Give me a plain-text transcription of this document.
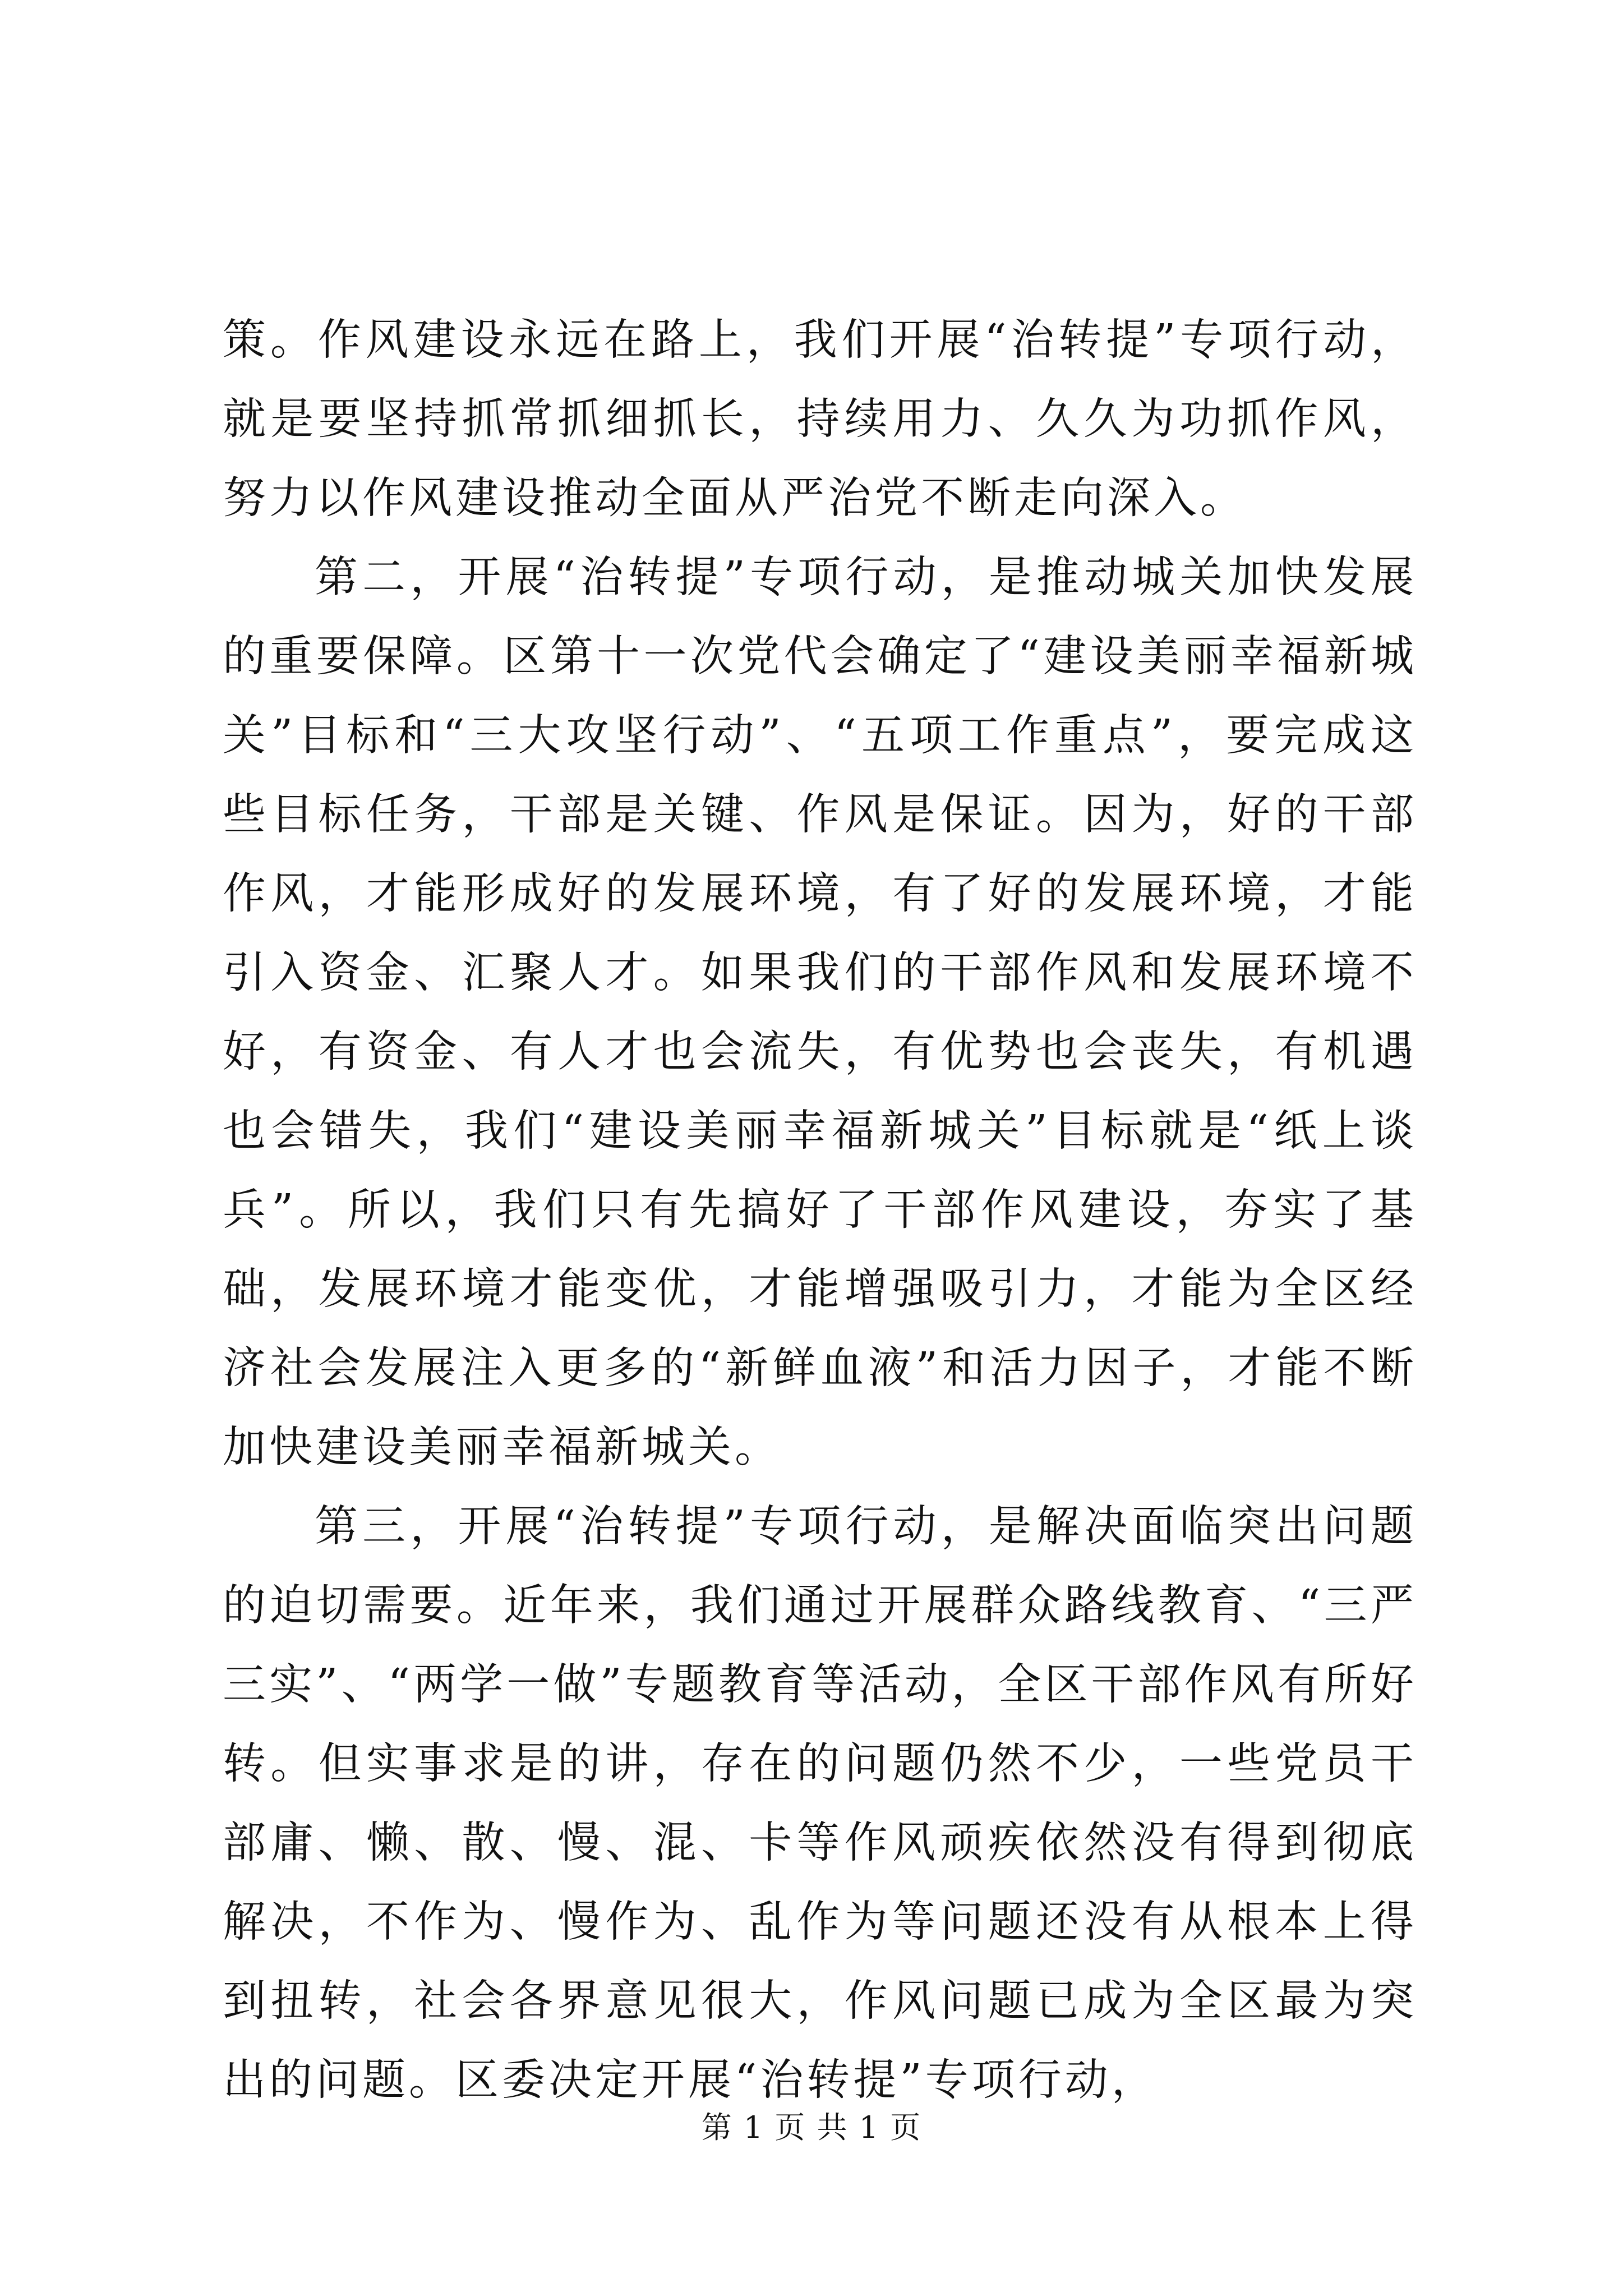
策。作风建设永远在路上，我们开展“治转提”专项行动，就是要坚持抓常抓细抓长，持续用力、久久为功抓作风，努力以作风建设推动全面从严治党不断走向深入。

第二，开展“治转提”专项行动，是推动城关加快发展的重要保障。区第十一次党代会确定了“建设美丽幸福新城关”目标和“三大攻坚行动”、“五项工作重点”，要完成这些目标任务，干部是关键、作风是保证。因为，好的干部作风，才能形成好的发展环境，有了好的发展环境，才能引入资金、汇聚人才。如果我们的干部作风和发展环境不好，有资金、有人才也会流失，有优势也会丧失，有机遇也会错失，我们“建设美丽幸福新城关”目标就是“纸上谈兵”。所以，我们只有先搞好了干部作风建设，夯实了基础，发展环境才能变优，才能增强吸引力，才能为全区经济社会发展注入更多的“新鲜血液”和活力因子，才能不断加快建设美丽幸福新城关。

第三，开展“治转提”专项行动，是解决面临突出问题的迫切需要。近年来，我们通过开展群众路线教育、“三严三实”、“两学一做”专题教育等活动，全区干部作风有所好转。但实事求是的讲，存在的问题仍然不少，一些党员干部庸、懒、散、慢、混、卡等作风顽疾依然没有得到彻底解决，不作为、慢作为、乱作为等问题还没有从根本上得到扭转，社会各界意见很大，作风问题已成为全区最为突出的问题。区委决定开展“治转提”专项行动，

第 1 页 共 1 页
